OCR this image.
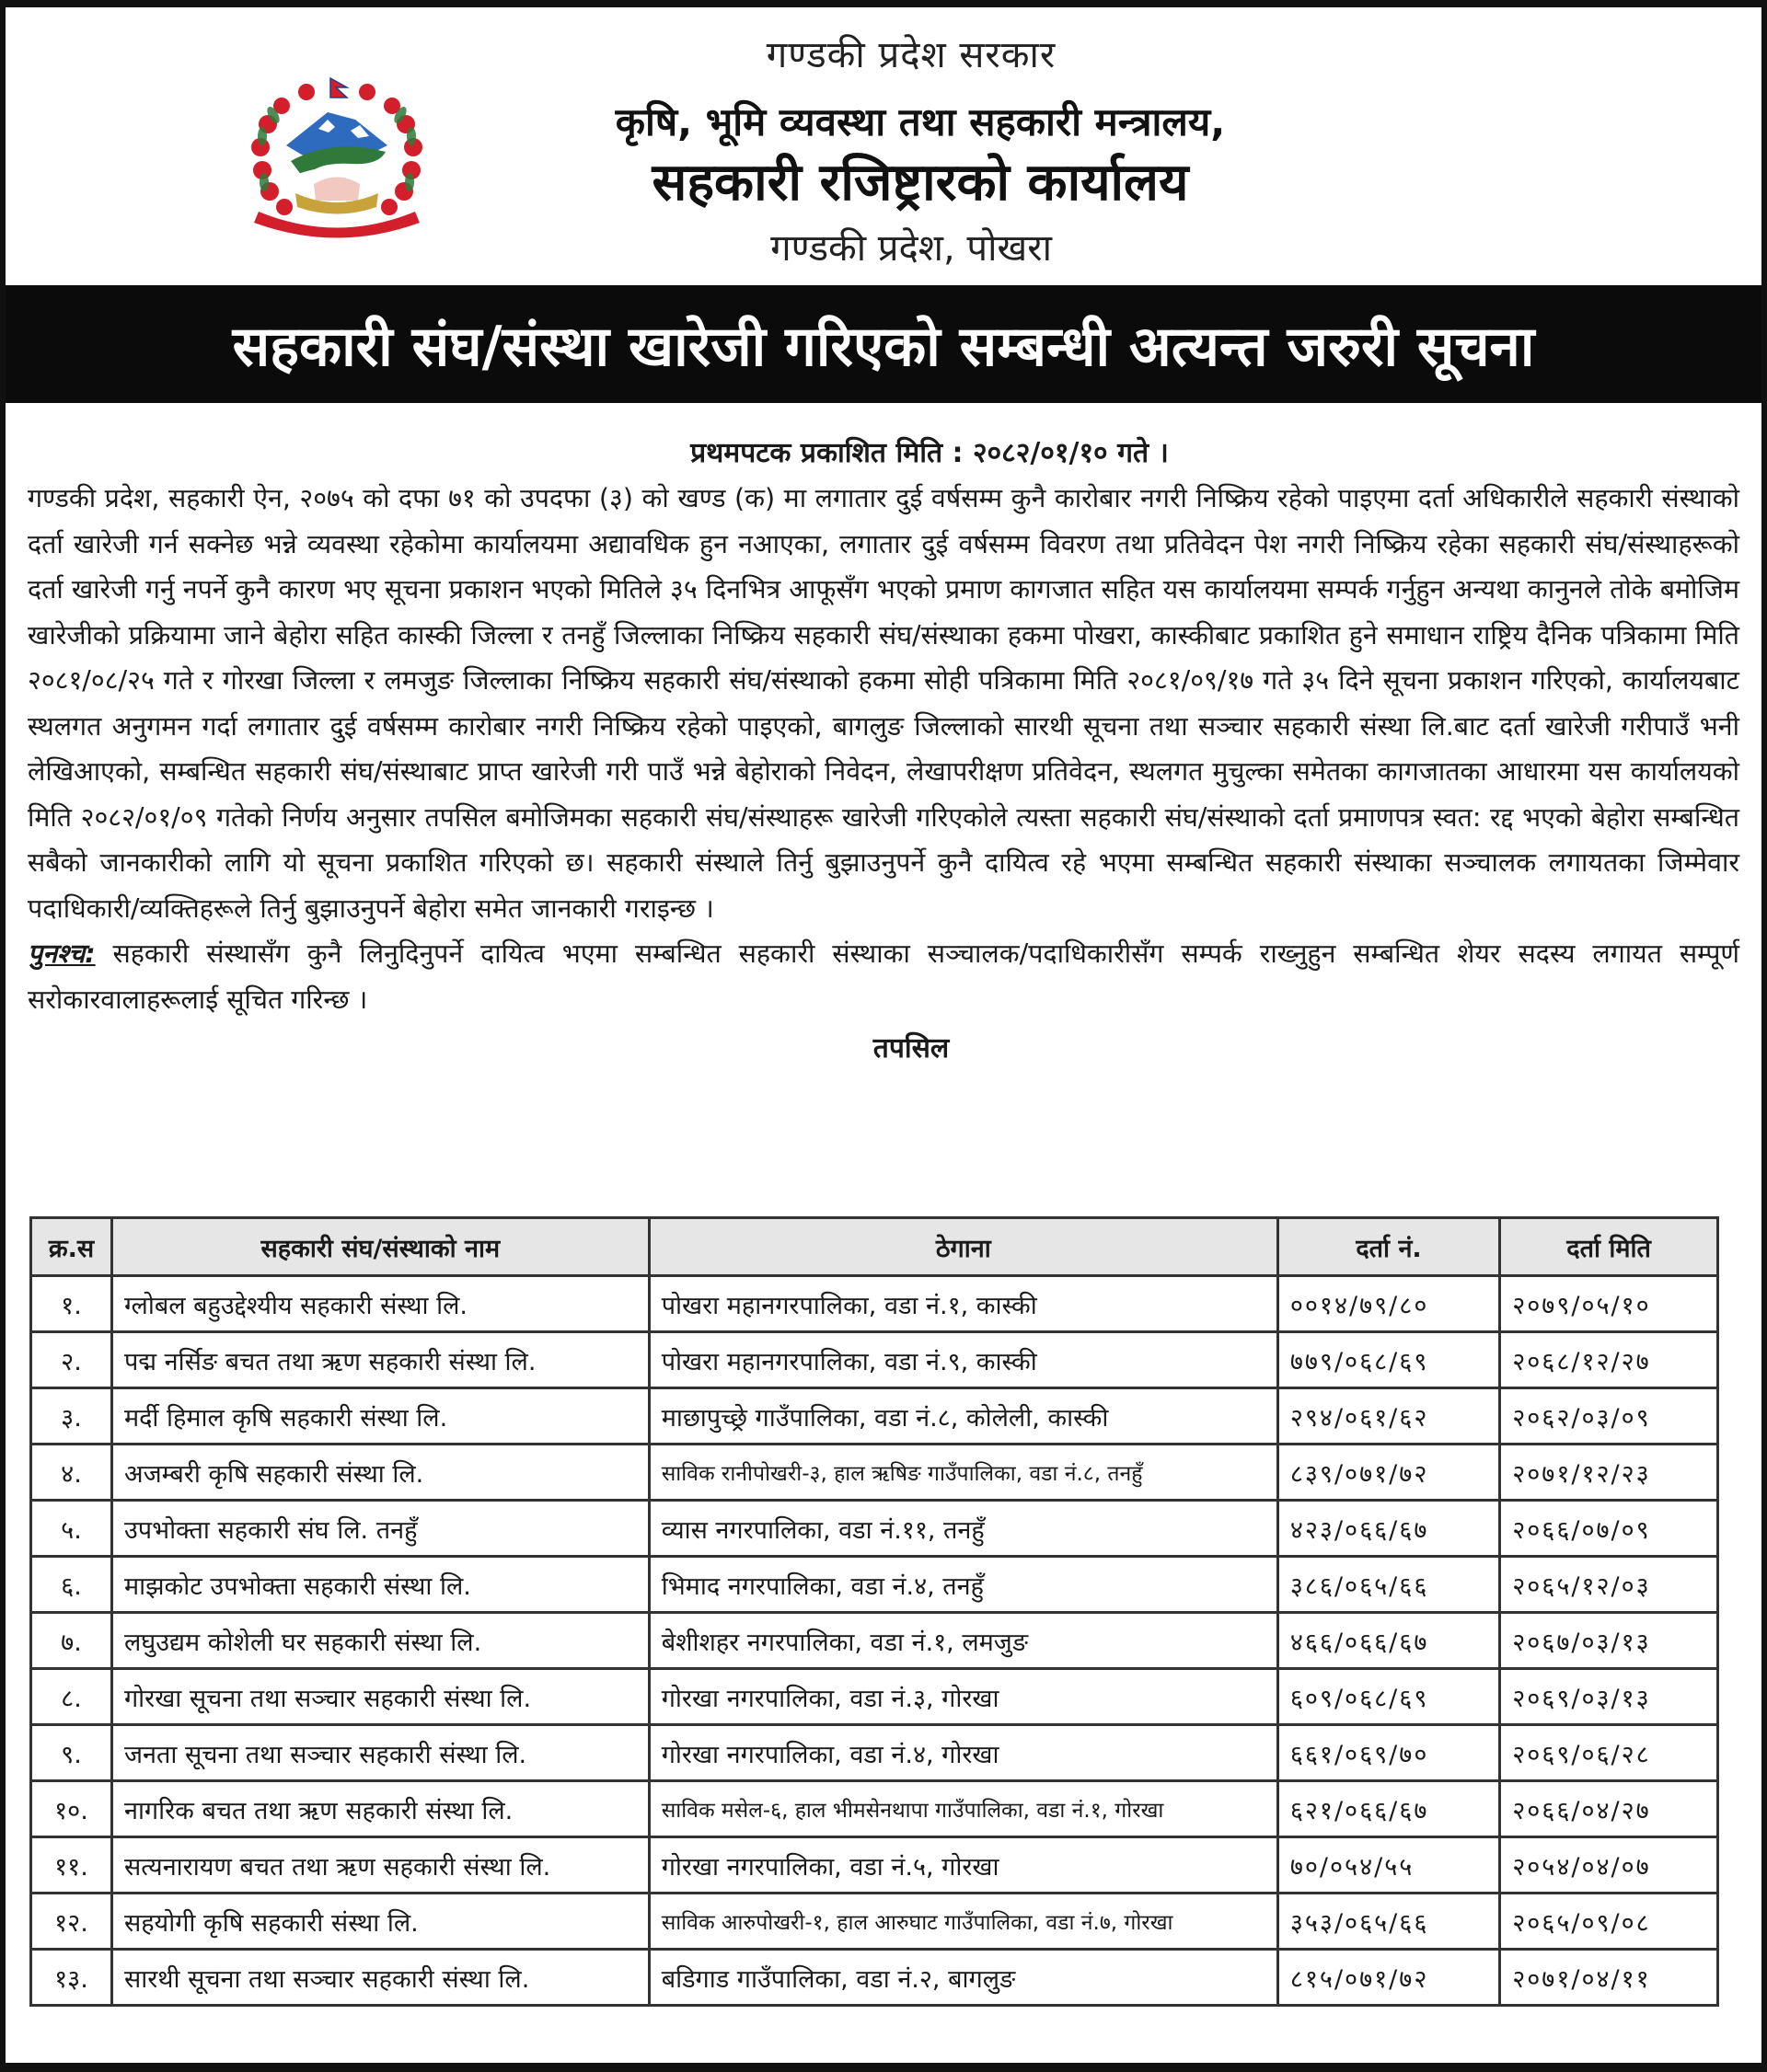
गण्डकी प्रदेश सरकार
कृषि, भूमि व्यवस्था तथा सहकारी मन्त्रालय,
सहकारी रजिष्ट्रारको कार्यालय
गण्डकी प्रदेश, पोखरा
सहकारी संघ/संस्था खारेजी गरिएको सम्बन्धी अत्यन्त जरुरी सूचना
प्रथमपटक प्रकाशित मिति : २०८२/०१/१० गते ।

गण्डकी प्रदेश, सहकारी ऐन, २०७५ को दफा ७१ को उपदफा (३) को खण्ड (क) मा लगातार दुई वर्षसम्म कुनै कारोबार नगरी निष्क्रिय रहेको पाइएमा दर्ता अधिकारीले सहकारी संस्थाको दर्ता खारेजी गर्न सक्नेछ भन्ने व्यवस्था रहेकोमा कार्यालयमा अद्यावधिक हुन नआएका, लगातार दुई वर्षसम्म विवरण तथा प्रतिवेदन पेश नगरी निष्क्रिय रहेका सहकारी संघ/संस्थाहरूको दर्ता खारेजी गर्नु नपर्ने कुनै कारण भए सूचना प्रकाशन भएको मितिले ३५ दिनभित्र आफूसँग भएको प्रमाण कागजात सहित यस कार्यालयमा सम्पर्क गर्नुहुन अन्यथा कानुनले तोके बमोजिम खारेजीको प्रक्रियामा जाने बेहोरा सहित कास्की जिल्ला र तनहुँ जिल्लाका निष्क्रिय सहकारी संघ/संस्थाका हकमा पोखरा, कास्कीबाट प्रकाशित हुने समाधान राष्ट्रिय दैनिक पत्रिकामा मिति २०८१/०८/२५ गते र गोरखा जिल्ला र लमजुङ जिल्लाका निष्क्रिय सहकारी संघ/संस्थाको हकमा सोही पत्रिकामा मिति २०८१/०९/१७ गते ३५ दिने सूचना प्रकाशन गरिएको, कार्यालयबाट स्थलगत अनुगमन गर्दा लगातार दुई वर्षसम्म कारोबार नगरी निष्क्रिय रहेको पाइएको, बागलुङ जिल्लाको सारथी सूचना तथा सञ्चार सहकारी संस्था लि.बाट दर्ता खारेजी गरीपाउँ भनी लेखिआएको, सम्बन्धित सहकारी संघ/संस्थाबाट प्राप्त खारेजी गरी पाउँ भन्ने बेहोराको निवेदन, लेखापरीक्षण प्रतिवेदन, स्थलगत मुचुल्का समेतका कागजातका आधारमा यस कार्यालयको मिति २०८२/०१/०९ गतेको निर्णय अनुसार तपसिल बमोजिमका सहकारी संघ/संस्थाहरू खारेजी गरिएकोले त्यस्ता सहकारी संघ/संस्थाको दर्ता प्रमाणपत्र स्वत: रद्द भएको बेहोरा सम्बन्धित सबैको जानकारीको लागि यो सूचना प्रकाशित गरिएको छ। सहकारी संस्थाले तिर्नु बुझाउनुपर्ने कुनै दायित्व रहे भएमा सम्बन्धित सहकारी संस्थाका सञ्चालक लगायतका जिम्मेवार पदाधिकारी/व्यक्तिहरूले तिर्नु बुझाउनुपर्ने बेहोरा समेत जानकारी गराइन्छ ।

पुनश्च: सहकारी संस्थासँग कुनै लिनुदिनुपर्ने दायित्व भएमा सम्बन्धित सहकारी संस्थाका सञ्चालक/पदाधिकारीसँग सम्पर्क राख्नुहुन सम्बन्धित शेयर सदस्य लगायत सम्पूर्ण सरोकारवालाहरूलाई सूचित गरिन्छ ।

तपसिल
क्र.स	सहकारी संघ/संस्थाको नाम	ठेगाना	दर्ता नं.	दर्ता मिति
१.	ग्लोबल बहुउद्देश्यीय सहकारी संस्था लि.	पोखरा महानगरपालिका, वडा नं.१, कास्की	००१४/७९/८०	२०७९/०५/१०
२.	पद्म नर्सिङ बचत तथा ऋण सहकारी संस्था लि.	पोखरा महानगरपालिका, वडा नं.९, कास्की	७७९/०६८/६९	२०६८/१२/२७
३.	मर्दी हिमाल कृषि सहकारी संस्था लि.	माछापुच्छ्रे गाउँपालिका, वडा नं.८, कोलेली, कास्की	२९४/०६१/६२	२०६२/०३/०९
४.	अजम्बरी कृषि सहकारी संस्था लि.	साविक रानीपोखरी-३, हाल ऋषिङ गाउँपालिका, वडा नं.८, तनहुँ	८३९/०७१/७२	२०७१/१२/२३
५.	उपभोक्ता सहकारी संघ लि. तनहुँ	व्यास नगरपालिका, वडा नं.११, तनहुँ	४२३/०६६/६७	२०६६/०७/०९
६.	माझकोट उपभोक्ता सहकारी संस्था लि.	भिमाद नगरपालिका, वडा नं.४, तनहुँ	३८६/०६५/६६	२०६५/१२/०३
७.	लघुउद्यम कोशेली घर सहकारी संस्था लि.	बेशीशहर नगरपालिका, वडा नं.१, लमजुङ	४६६/०६६/६७	२०६७/०३/१३
८.	गोरखा सूचना तथा सञ्चार सहकारी संस्था लि.	गोरखा नगरपालिका, वडा नं.३, गोरखा	६०९/०६८/६९	२०६९/०३/१३
९.	जनता सूचना तथा सञ्चार सहकारी संस्था लि.	गोरखा नगरपालिका, वडा नं.४, गोरखा	६६१/०६९/७०	२०६९/०६/२८
१०.	नागरिक बचत तथा ऋण सहकारी संस्था लि.	साविक मसेल-६, हाल भीमसेनथापा गाउँपालिका, वडा नं.१, गोरखा	६२१/०६६/६७	२०६६/०४/२७
११.	सत्यनारायण बचत तथा ऋण सहकारी संस्था लि.	गोरखा नगरपालिका, वडा नं.५, गोरखा	७०/०५४/५५	२०५४/०४/०७
१२.	सहयोगी कृषि सहकारी संस्था लि.	साविक आरुपोखरी-१, हाल आरुघाट गाउँपालिका, वडा नं.७, गोरखा	३५३/०६५/६६	२०६५/०९/०८
१३.	सारथी सूचना तथा सञ्चार सहकारी संस्था लि.	बडिगाड गाउँपालिका, वडा नं.२, बागलुङ	८१५/०७१/७२	२०७१/०४/११
